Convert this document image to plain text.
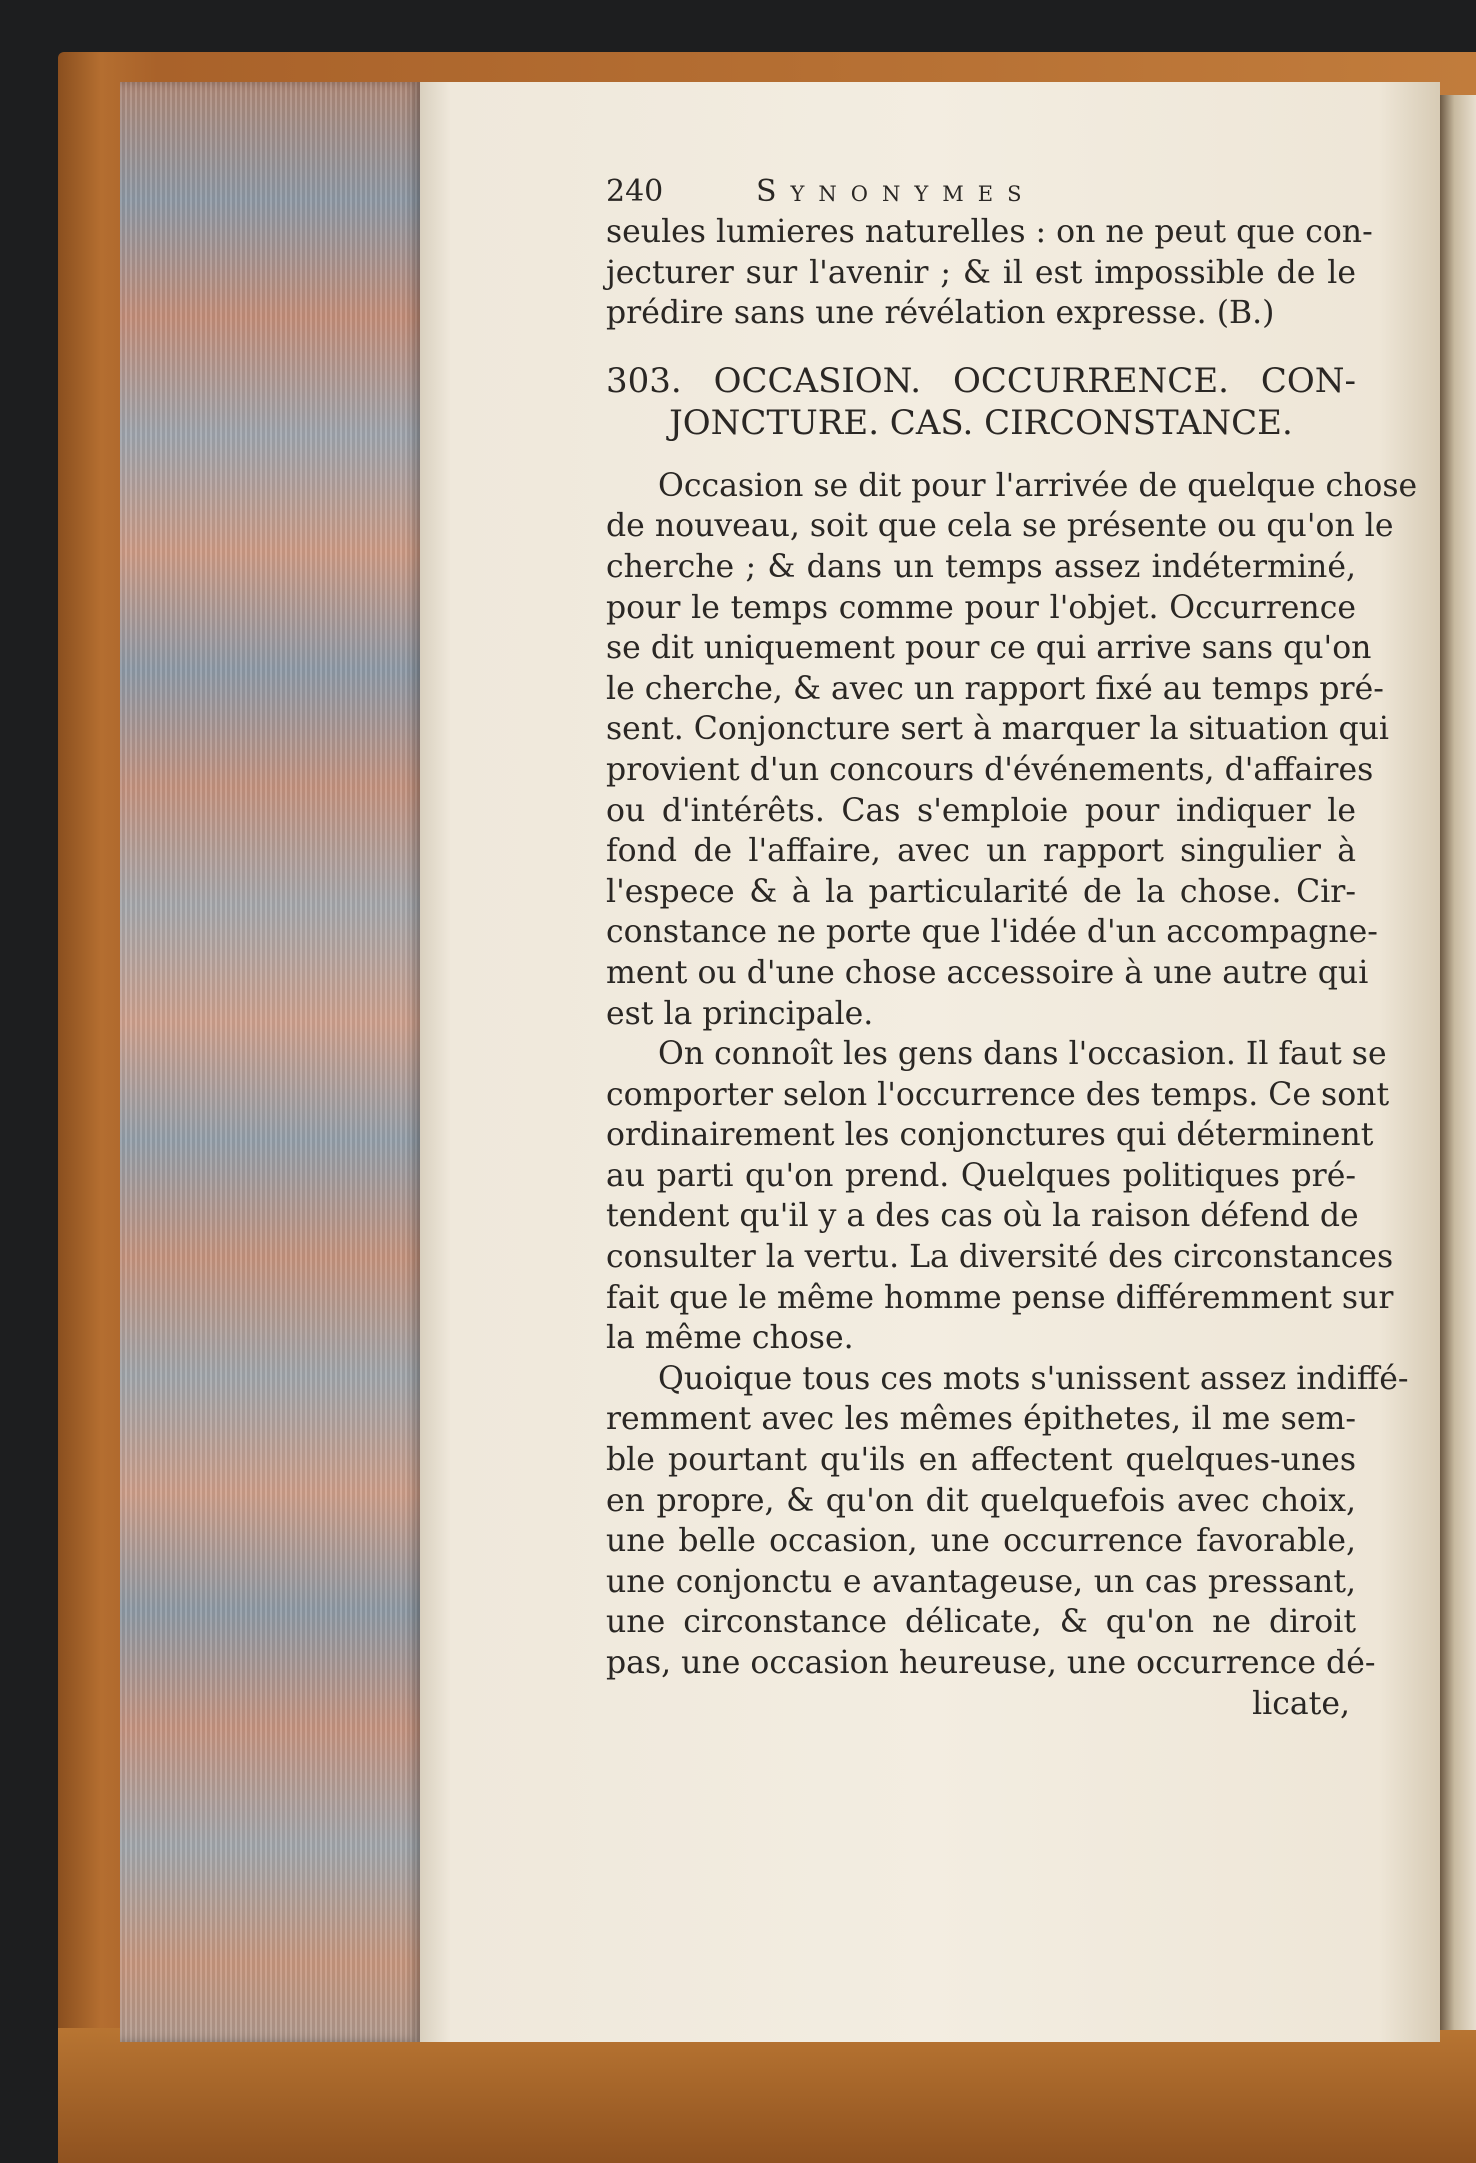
240	Synonymes
seules lumieres naturelles : on ne peut que con-
jecturer sur l'avenir ; & il est impossible de le
prédire sans une révélation expresse. (B.)
303. OCCASION. OCCURRENCE. CON-
JONCTURE. CAS. CIRCONSTANCE.
Occasion se dit pour l'arrivée de quelque chose
de nouveau, soit que cela se présente ou qu'on le
cherche ; & dans un temps assez indéterminé,
pour le temps comme pour l'objet. Occurrence
se dit uniquement pour ce qui arrive sans qu'on
le cherche, & avec un rapport fixé au temps pré-
sent. Conjoncture sert à marquer la situation qui
provient d'un concours d'événements, d'affaires
ou d'intérêts. Cas s'emploie pour indiquer le
fond de l'affaire, avec un rapport singulier à
l'espece & à la particularité de la chose. Cir-
constance ne porte que l'idée d'un accompagne-
ment ou d'une chose accessoire à une autre qui
est la principale.
On connoît les gens dans l'occasion. Il faut se
comporter selon l'occurrence des temps. Ce sont
ordinairement les conjonctures qui déterminent
au parti qu'on prend. Quelques politiques pré-
tendent qu'il y a des cas où la raison défend de
consulter la vertu. La diversité des circonstances
fait que le même homme pense différemment sur
la même chose.
Quoique tous ces mots s'unissent assez indiffé-
remment avec les mêmes épithetes, il me sem-
ble pourtant qu'ils en affectent quelques-unes
en propre, & qu'on dit quelquefois avec choix,
une belle occasion, une occurrence favorable,
une conjonctu e avantageuse, un cas pressant,
une circonstance délicate, & qu'on ne diroit
pas, une occasion heureuse, une occurrence dé-
licate,
